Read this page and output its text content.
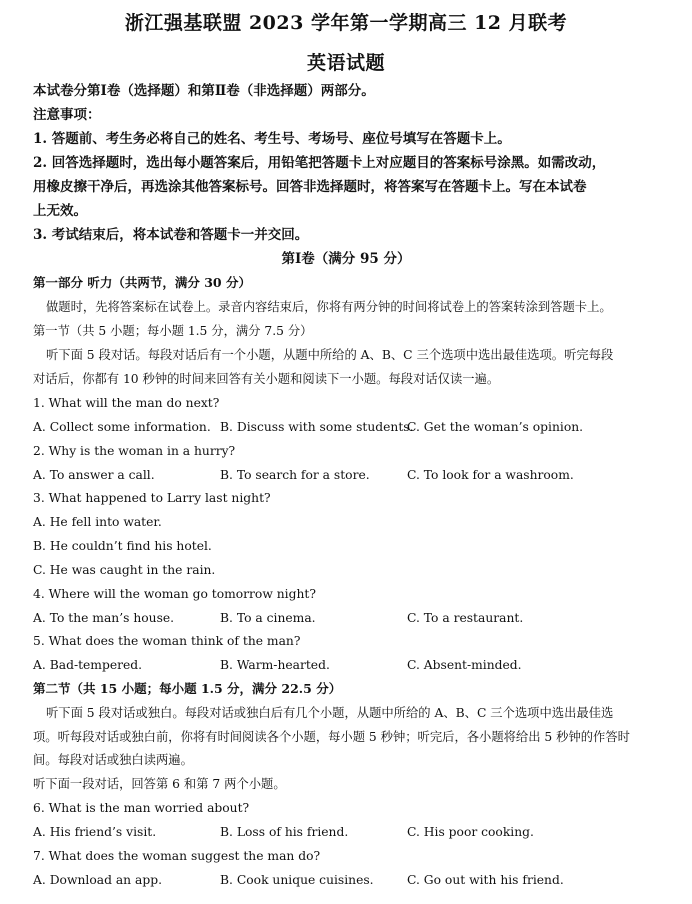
浙江强基联盟 2023 学年第一学期高三 12 月联考
英语试题
本试卷分第Ⅰ卷（选择题）和第Ⅱ卷（非选择题）两部分。
注意事项：
1. 答题前、考生务必将自己的姓名、考生号、考场号、座位号填写在答题卡上。
2. 回答选择题时，选出每小题答案后，用铅笔把答题卡上对应题目的答案标号涂黑。如需改动，
用橡皮擦干净后，再选涂其他答案标号。回答非选择题时，将答案写在答题卡上。写在本试卷
上无效。
3. 考试结束后，将本试卷和答题卡一并交回。
第Ⅰ卷（满分 95 分）
第一部分 听力（共两节，满分 30 分）
做题时，先将答案标在试卷上。录音内容结束后，你将有两分钟的时间将试卷上的答案转涂到答题卡上。
第一节（共 5 小题；每小题 1.5 分，满分 7.5 分）
听下面 5 段对话。每段对话后有一个小题，从题中所给的 A、B、C 三个选项中选出最佳选项。听完每段
对话后，你都有 10 秒钟的时间来回答有关小题和阅读下一小题。每段对话仅读一遍。
1. What will the man do next?
A. Collect some information. B. Discuss with some students.
C. Get the woman’s opinion.
2. Why is the woman in a hurry?
A. To answer a call.	B. To search for a store.	C. To look for a washroom.
3. What happened to Larry last night?
A. He fell into water.
B. He couldn’t find his hotel.
C. He was caught in the rain.
4. Where will the woman go tomorrow night?
A. To the man’s house.	B. To a cinema.	C. To a restaurant.
5. What does the woman think of the man?
A. Bad-tempered.	B. Warm-hearted.	C. Absent-minded.
第二节（共 15 小题；每小题 1.5 分，满分 22.5 分）
听下面 5 段对话或独白。每段对话或独白后有几个小题，从题中所给的 A、B、C 三个选项中选出最佳选
项。听每段对话或独白前，你将有时间阅读各个小题，每小题 5 秒钟；听完后，各小题将给出 5 秒钟的作答时
间。每段对话或独白读两遍。
听下面一段对话，回答第 6 和第 7 两个小题。
6. What is the man worried about?
A. His friend’s visit.	B. Loss of his friend.	C. His poor cooking.
7. What does the woman suggest the man do?
A. Download an app.	B. Cook unique cuisines.	C. Go out with his friend.
